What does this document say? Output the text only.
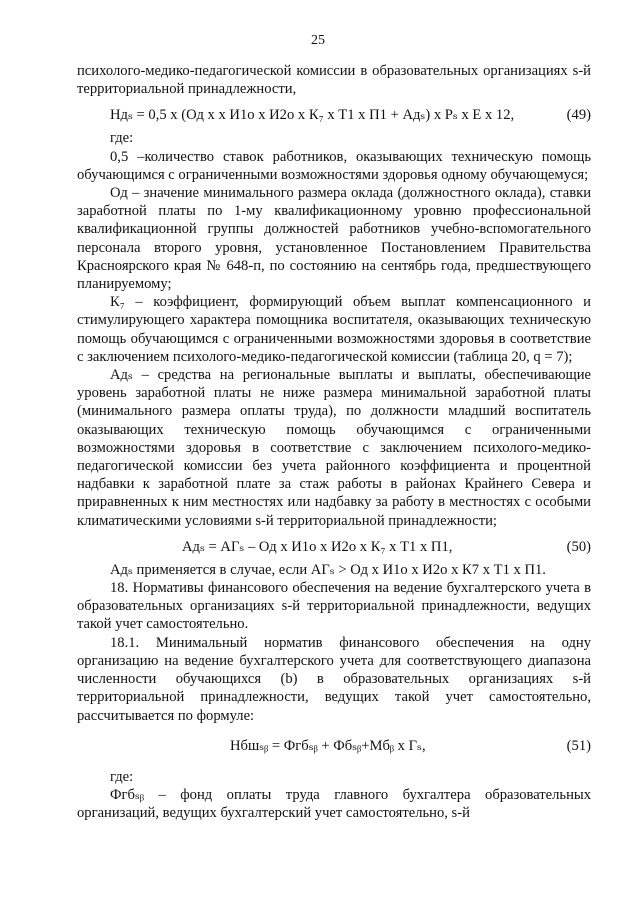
25

психолого-медико-педагогической комиссии в образовательных организациях s-й территориальной принадлежности,

Ндₛ = 0,5 х (Од х х И1о х И2о х К₇ х Т1 х П1 + Адₛ) х Pₛ х Е х 12,	(49)

где:

0,5 –количество ставок работников, оказывающих техническую помощь обучающимся с ограниченными возможностями здоровья одному обучающемуся;

Од – значение минимального размера оклада (должностного оклада), ставки заработной платы по 1-му квалификационному уровню профессиональной квалификационной группы должностей работников учебно-вспомогательного персонала второго уровня, установленное Постановлением Правительства Красноярского края № 648-п, по состоянию на сентябрь года, предшествующего планируемому;

К₇ – коэффициент, формирующий объем выплат компенсационного и стимулирующего характера помощника воспитателя, оказывающих техническую помощь обучающимся с ограниченными возможностями здоровья в соответствие с заключением психолого-медико-педагогической комиссии (таблица 20, q = 7);

Адₛ – средства на региональные выплаты и выплаты, обеспечивающие уровень заработной платы не ниже размера минимальной заработной платы (минимального размера оплаты труда), по должности младший воспитатель оказывающих техническую помощь обучающимся с ограниченными возможностями здоровья в соответствие с заключением психолого-медико-педагогической комиссии без учета районного коэффициента и процентной надбавки к заработной плате за стаж работы в районах Крайнего Севера и приравненных к ним местностях или надбавку за работу в местностях с особыми климатическими условиями s-й территориальной принадлежности;

Адₛ = АГₛ – Од х И1о х И2о х К₇ х Т1 х П1,	(50)

Адₛ применяется в случае, если АГₛ > Од х И1о х И2о х К7 х Т1 х П1.

18. Нормативы финансового обеспечения на ведение бухгалтерского учета в образовательных организациях s-й территориальной принадлежности, ведущих такой учет самостоятельно.

18.1. Минимальный норматив финансового обеспечения на одну организацию на ведение бухгалтерского учета для соответствующего диапазона численности обучающихся (b) в образовательных организациях s-й территориальной принадлежности, ведущих такой учет самостоятельно, рассчитывается по формуле:

Нбшₛᵦ = Фгбₛᵦ + Фбₛᵦ+Мбᵦ х Гₛ,	(51)

где:

Фгбₛᵦ – фонд оплаты труда главного бухгалтера образовательных организаций, ведущих бухгалтерский учет самостоятельно, s-й
